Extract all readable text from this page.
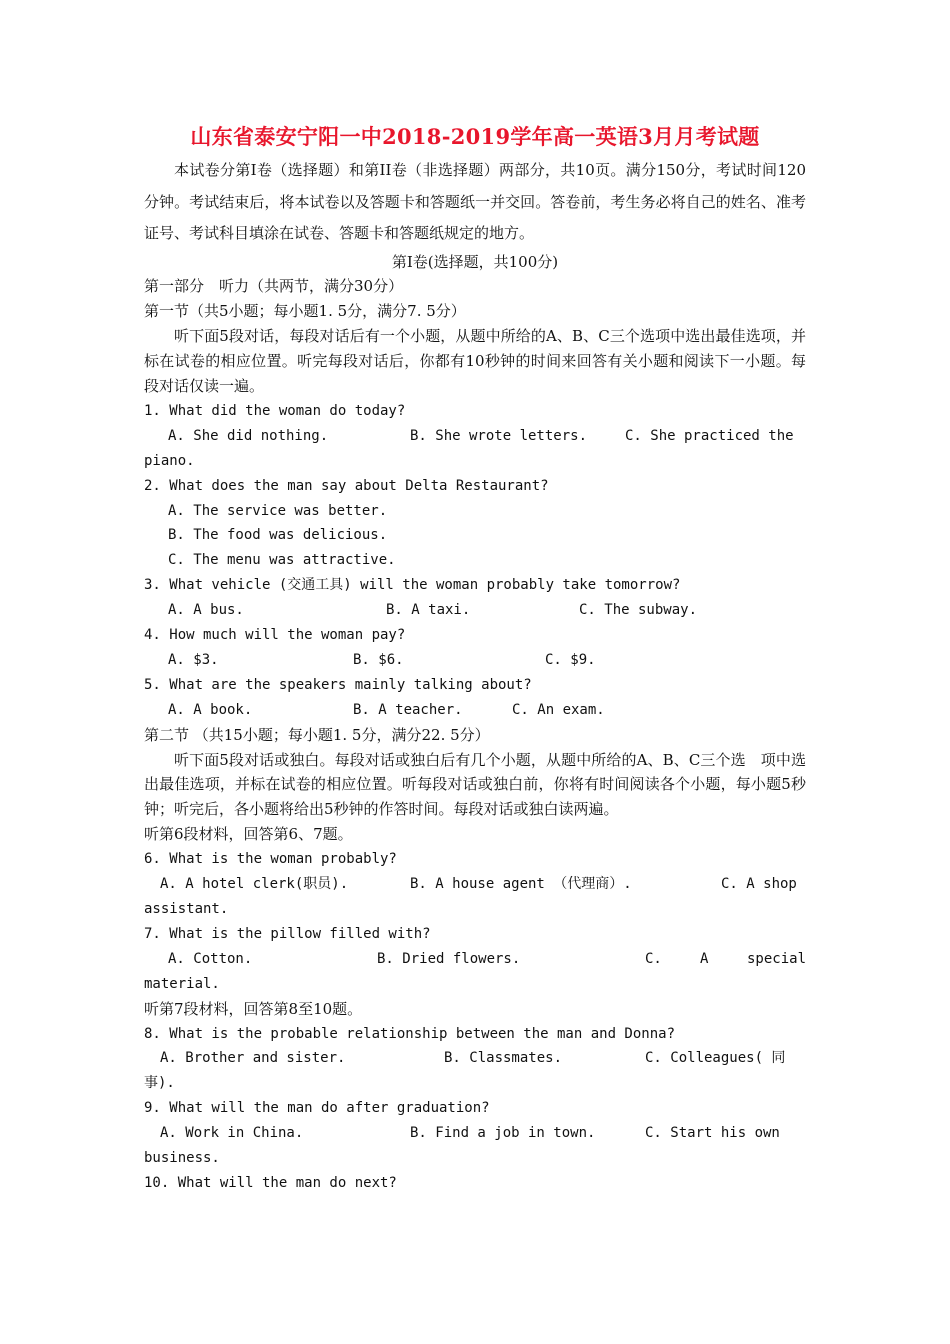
山东省泰安宁阳一中2018-2019学年高一英语3月月考试题

本试卷分第I卷（选择题）和第II卷（非选择题）两部分，共10页。满分150分，考试时间120分钟。考试结束后，将本试卷以及答题卡和答题纸一并交回。答卷前，考生务必将自己的姓名、准考证号、考试科目填涂在试卷、答题卡和答题纸规定的地方。

第I卷(选择题，共100分)

第一部分　听力（共两节，满分30分）

第一节（共5小题；每小题1. 5分，满分7. 5分）

听下面5段对话，每段对话后有一个小题，从题中所给的A、B、C三个选项中选出最佳选项，并标在试卷的相应位置。听完每段对话后，你都有10秒钟的时间来回答有关小题和阅读下一小题。每段对话仅读一遍。

1. What did the woman do today?

A. She did nothing.	B. She wrote letters.	C. She practiced the

piano.

2. What does the man say about Delta Restaurant?

A. The service was better.

B. The food was delicious.

C. The menu was attractive.

3. What vehicle (交通工具) will the woman probably take tomorrow?

A. A bus.	B. A taxi.	C. The subway.

4. How much will the woman pay?

A. $3.	B. $6.	C. $9.

5. What are the speakers mainly talking about?

A. A book.	B. A teacher.	C. An exam.

第二节 （共15小题；每小题1. 5分，满分22. 5分）

听下面5段对话或独白。每段对话或独白后有几个小题，从题中所给的A、B、C三个选　项中选出最佳选项，并标在试卷的相应位置。听每段对话或独白前，你将有时间阅读各个小题，每小题5秒钟；听完后，各小题将给出5秒钟的作答时间。每段对话或独白读两遍。

听第6段材料，回答第6、7题。

6. What is the woman probably?

A. A hotel clerk(职员).	B. A house agent （代理商）.	C. A shop

assistant.

7. What is the pillow filled with?

A. Cotton.	B. Dried flowers.	C.	A	special

material.

听第7段材料，回答第8至10题。

8. What is the probable relationship between the man and Donna?

A. Brother and sister.	B. Classmates.	C. Colleagues( 同

事).

9. What will the man do after graduation?

A. Work in China.	B. Find a job in town.	C. Start his own

business.

10. What will the man do next?
